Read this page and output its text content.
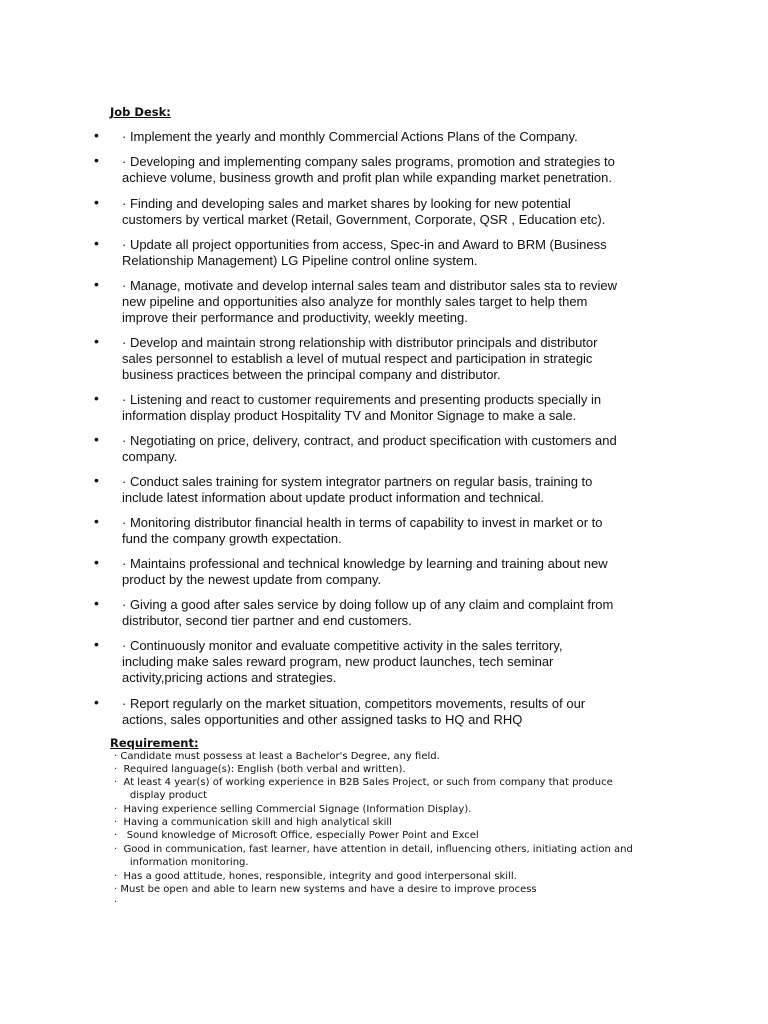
Job Desk:
• · Implement the yearly and monthly Commercial Actions Plans of the Company.
• · Developing and implementing company sales programs, promotion and strategies to
achieve volume, business growth and profit plan while expanding market penetration.
• · Finding and developing sales and market shares by looking for new potential
customers by vertical market (Retail, Government, Corporate, QSR , Education etc).
• · Update all project opportunities from access, Spec-in and Award to BRM (Business
Relationship Management) LG Pipeline control online system.
• · Manage, motivate and develop internal sales team and distributor sales sta to review
new pipeline and opportunities also analyze for monthly sales target to help them
improve their performance and productivity, weekly meeting.
• · Develop and maintain strong relationship with distributor principals and distributor
sales personnel to establish a level of mutual respect and participation in strategic
business practices between the principal company and distributor.
• · Listening and react to customer requirements and presenting products specially in
information display product Hospitality TV and Monitor Signage to make a sale.
• · Negotiating on price, delivery, contract, and product specification with customers and
company.
• · Conduct sales training for system integrator partners on regular basis, training to
include latest information about update product information and technical.
• · Monitoring distributor financial health in terms of capability to invest in market or to
fund the company growth expectation.
• · Maintains professional and technical knowledge by learning and training about new
product by the newest update from company.
• · Giving a good after sales service by doing follow up of any claim and complaint from
distributor, second tier partner and end customers.
• · Continuously monitor and evaluate competitive activity in the sales territory,
including make sales reward program, new product launches, tech seminar
activity,pricing actions and strategies.
• · Report regularly on the market situation, competitors movements, results of our
actions, sales opportunities and other assigned tasks to HQ and RHQ
Requirement:
· Candidate must possess at least a Bachelor's Degree, any field.
·  Required language(s): English (both verbal and written).
·  At least 4 year(s) of working experience in B2B Sales Project, or such from company that produce
display product
·  Having experience selling Commercial Signage (Information Display).
·  Having a communication skill and high analytical skill
·   Sound knowledge of Microsoft Office, especially Power Point and Excel
·  Good in communication, fast learner, have attention in detail, influencing others, initiating action and
information monitoring.
·  Has a good attitude, hones, responsible, integrity and good interpersonal skill.
· Must be open and able to learn new systems and have a desire to improve process
·
